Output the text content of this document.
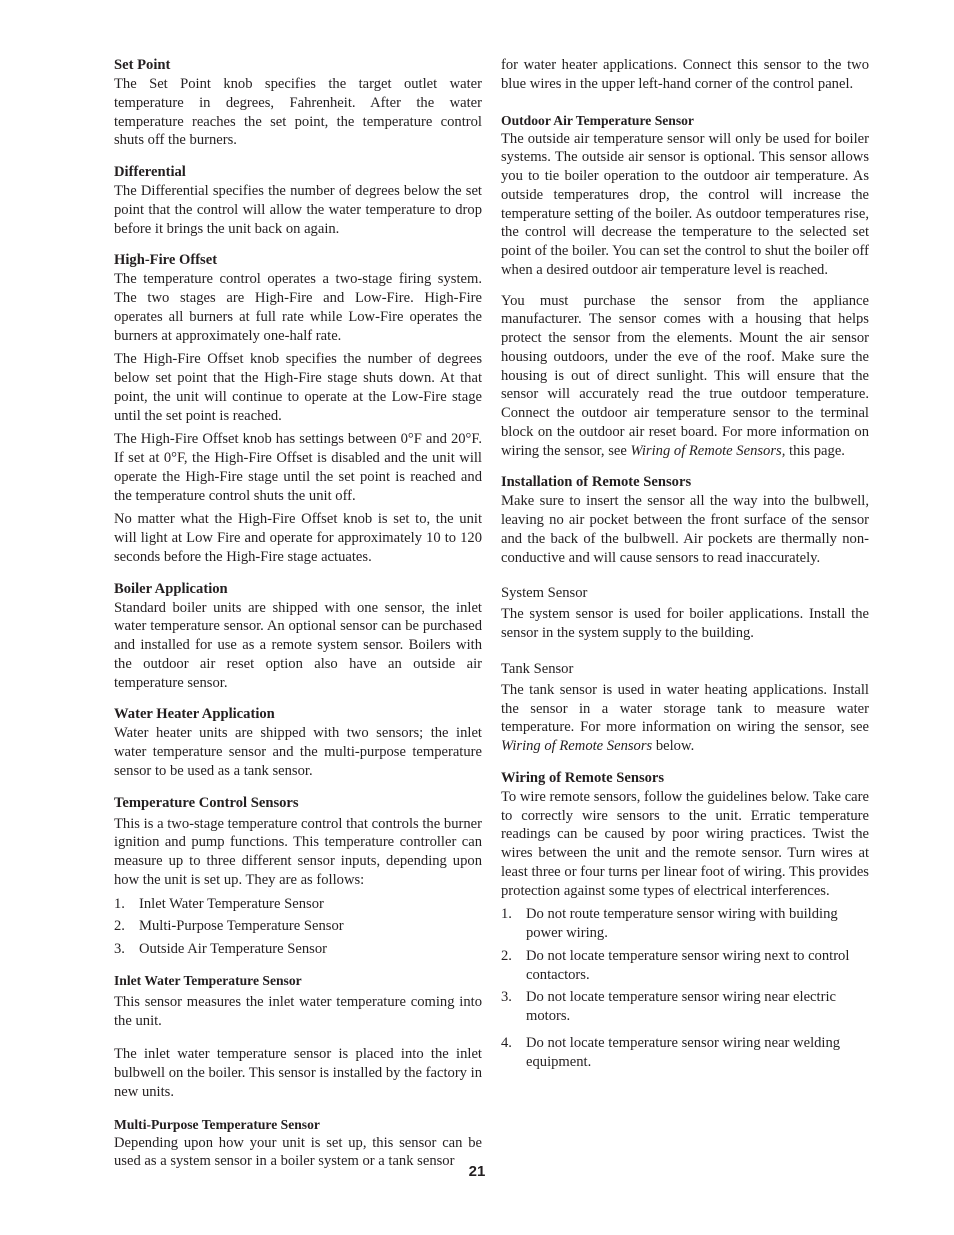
Set Point

The Set Point knob specifies the target outlet water temperature in degrees, Fahrenheit. After the water temperature reaches the set point, the temperature control shuts off the burners.

Differential

The Differential specifies the number of degrees below the set point that the control will allow the water temperature to drop before it brings the unit back on again.

High-Fire Offset

The temperature control operates a two-stage firing system. The two stages are High-Fire and Low-Fire. High-Fire operates all burners at full rate while Low-Fire operates the burners at approximately one-half rate.

The High-Fire Offset knob specifies the number of degrees below set point that the High-Fire stage shuts down. At that point, the unit will continue to operate at the Low-Fire stage until the set point is reached.

The High-Fire Offset knob has settings between 0°F and 20°F. If set at 0°F, the High-Fire Offset is disabled and the unit will operate the High-Fire stage until the set point is reached and the temperature control shuts the unit off.

No matter what the High-Fire Offset knob is set to, the unit will light at Low Fire and operate for approximately 10 to 120 seconds before the High-Fire stage actuates.

Boiler Application

Standard boiler units are shipped with one sensor, the inlet water temperature sensor. An optional sensor can be purchased and installed for use as a remote system sensor. Boilers with the outdoor air reset option also have an outside air temperature sensor.

Water Heater Application

Water heater units are shipped with two sensors; the inlet water temperature sensor and the multi-purpose temperature sensor to be used as a tank sensor.

Temperature Control Sensors

This is a two-stage temperature control that controls the burner ignition and pump functions. This temperature controller can measure up to three different sensor inputs, depending upon how the unit is set up. They are as follows:

1. Inlet Water Temperature Sensor
2. Multi-Purpose Temperature Sensor
3. Outside Air Temperature Sensor
Inlet Water Temperature Sensor

This sensor measures the inlet water temperature coming into the unit.

The inlet water temperature sensor is placed into the inlet bulbwell on the boiler. This sensor is installed by the factory in new units.

Multi-Purpose Temperature Sensor

Depending upon how your unit is set up, this sensor can be used as a system sensor in a boiler system or a tank sensor

for water heater applications. Connect this sensor to the two blue wires in the upper left-hand corner of the control panel.

Outdoor Air Temperature Sensor

The outside air temperature sensor will only be used for boiler systems. The outside air sensor is optional. This sensor allows you to tie boiler operation to the outdoor air temperature. As outside temperatures drop, the control will increase the temperature setting of the boiler. As outdoor temperatures rise, the control will decrease the temperature to the selected set point of the boiler. You can set the control to shut the boiler off when a desired outdoor air temperature level is reached.

You must purchase the sensor from the appliance manufacturer. The sensor comes with a housing that helps protect the sensor from the elements. Mount the air sensor housing outdoors, under the eve of the roof. Make sure the housing is out of direct sunlight. This will ensure that the sensor will accurately read the true outdoor temperature. Connect the outdoor air temperature sensor to the terminal block on the outdoor air reset board. For more information on wiring the sensor, see Wiring of Remote Sensors, this page.

Installation of Remote Sensors

Make sure to insert the sensor all the way into the bulbwell, leaving no air pocket between the front surface of the sensor and the back of the bulbwell. Air pockets are thermally non-conductive and will cause sensors to read inaccurately.

System Sensor

The system sensor is used for boiler applications. Install the sensor in the system supply to the building.

Tank Sensor

The tank sensor is used in water heating applications. Install the sensor in a water storage tank to measure water temperature. For more information on wiring the sensor, see Wiring of Remote Sensors below.

Wiring of Remote Sensors

To wire remote sensors, follow the guidelines below. Take care to correctly wire sensors to the unit. Erratic temperature readings can be caused by poor wiring practices. Twist the wires between the unit and the remote sensor. Turn wires at least three or four turns per linear foot of wiring. This provides protection against some types of electrical interferences.

1. Do not route temperature sensor wiring with building power wiring.
2. Do not locate temperature sensor wiring next to control contactors.
3. Do not locate temperature sensor wiring near electric motors.
4. Do not locate temperature sensor wiring near welding equipment.
21
